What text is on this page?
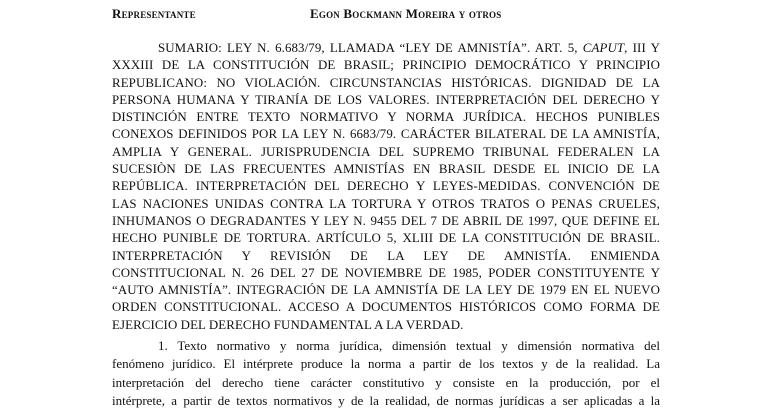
Representante	Egon Bockmann Moreira y otros
SUMARIO: LEY N. 6.683/79, LLAMADA “LEY DE AMNISTÍA”. ART. 5, CAPUT, III Y
XXXIII DE LA CONSTITUCIÓN DE BRASIL; PRINCIPIO DEMOCRÁTICO Y PRINCIPIO
REPUBLICANO: NO VIOLACIÓN. CIRCUNSTANCIAS HISTÓRICAS. DIGNIDAD DE LA
PERSONA HUMANA Y TIRANÍA DE LOS VALORES. INTERPRETACIÓN DEL DERECHO Y
DISTINCIÓN ENTRE TEXTO NORMATIVO Y NORMA JURÍDICA. HECHOS PUNIBLES
CONEXOS DEFINIDOS POR LA LEY N. 6683/79. CARÁCTER BILATERAL DE LA AMNISTÍA,
AMPLIA Y GENERAL. JURISPRUDENCIA DEL SUPREMO TRIBUNAL FEDERALEN LA
SUCESIÒN DE LAS FRECUENTES AMNISTÍAS EN BRASIL DESDE EL INICIO DE LA
REPÚBLICA. INTERPRETACIÓN DEL DERECHO Y LEYES-MEDIDAS. CONVENCIÓN DE
LAS NACIONES UNIDAS CONTRA LA TORTURA Y OTROS TRATOS O PENAS CRUELES,
INHUMANOS O DEGRADANTES Y LEY N. 9455 DEL 7 DE ABRIL DE 1997, QUE DEFINE EL
HECHO PUNIBLE DE TORTURA. ARTÍCULO 5, XLIII DE LA CONSTITUCIÓN DE BRASIL.
INTERPRETACIÓN Y REVISIÓN DE LA LEY DE AMNISTÍA. ENMIENDA
CONSTITUCIONAL N. 26 DEL 27 DE NOVIEMBRE DE 1985, PODER CONSTITUYENTE Y
“AUTO AMNISTÍA”. INTEGRACIÓN DE LA AMNISTÍA DE LA LEY DE 1979 EN EL NUEVO
ORDEN CONSTITUCIONAL. ACCESO A DOCUMENTOS HISTÓRICOS COMO FORMA DE
EJERCICIO DEL DERECHO FUNDAMENTAL A LA VERDAD.
1. Texto normativo y norma jurídica, dimensión textual y dimensión normativa del
fenómeno jurídico. El intérprete produce la norma a partir de los textos y de la realidad. La
interpretación del derecho tiene carácter constitutivo y consiste en la producción, por el
intérprete, a partir de textos normativos y de la realidad, de normas jurídicas a ser aplicadas a la
